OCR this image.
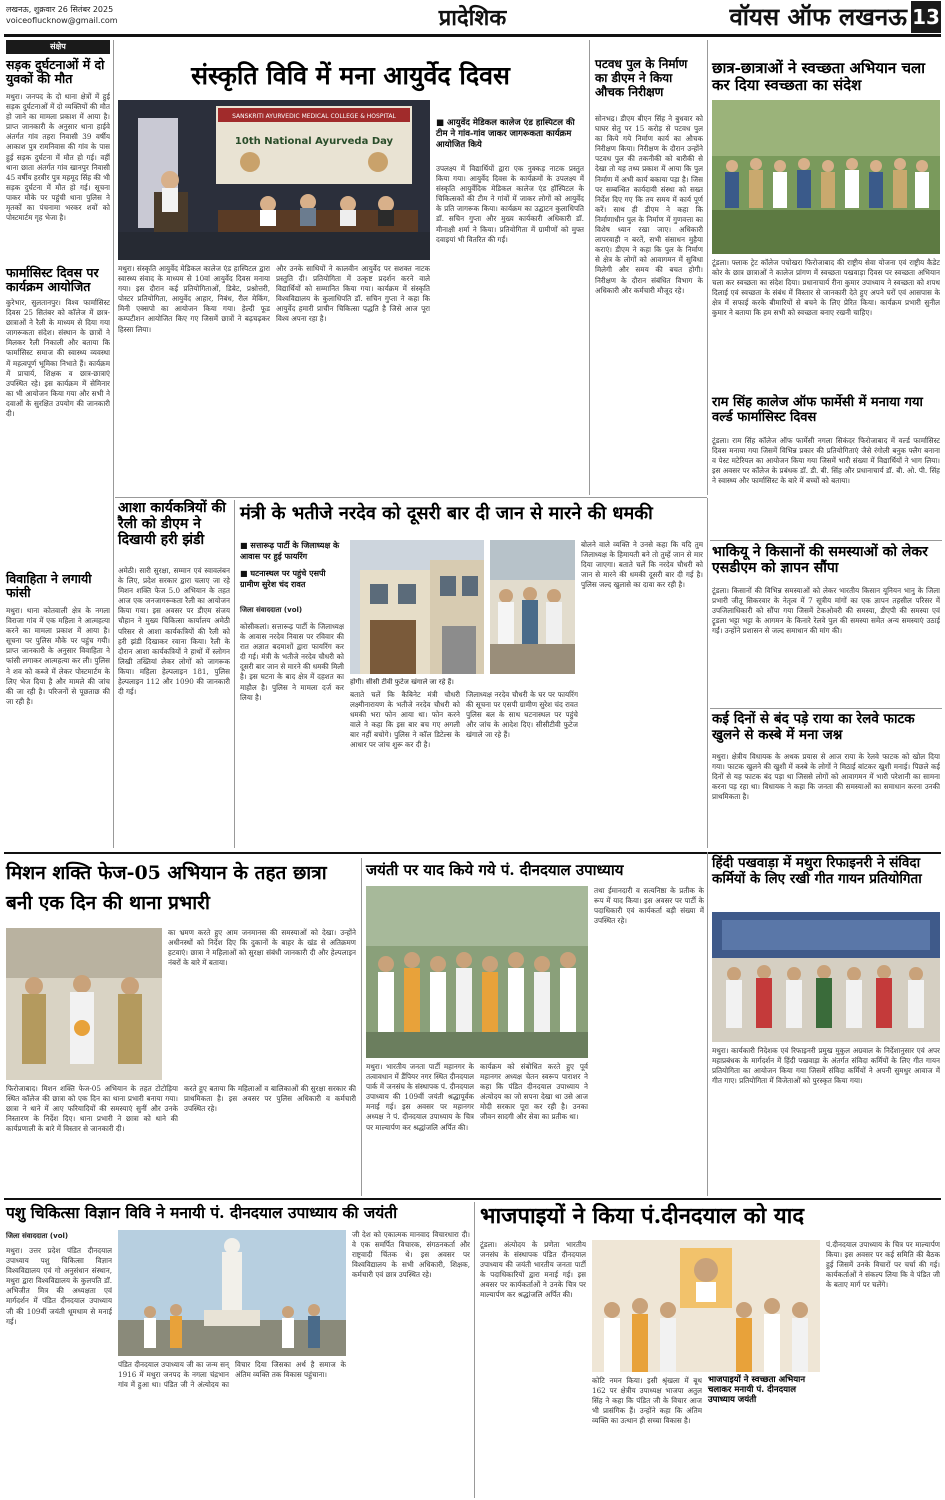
लखनऊ, शुक्रवार 26 सितंबर 2025
voiceoflucknow@gmail.com	प्रादेशिक	वॉयस ऑफ लखनऊ 13
संक्षेप
सड़क दुर्घटनाओं में दो युवकों की मौत
मथुरा। जनपद के दो थाना क्षेत्रों में हुई सड़क दुर्घटनाओं में दो व्यक्तियों की मौत हो जाने का मामला प्रकाश में आया है। प्राप्त जानकारी के अनुसार थाना हाईवे अंतर्गत गांव तहरा निवासी 39 वर्षीय आकाश पुत्र रामनिवास की गांव के पास हुई सड़क दुर्घटना में मौत हो गई। वहीं थाना छाता अंतर्गत गांव खानपुर निवासी 45 वर्षीय हरवीर पुत्र महमूद सिंह की भी सड़क दुर्घटना में मौत हो गई। सूचना पाकर मौके पर पहुंची थाना पुलिस ने मृतकों का पंचनामा भरकर शवों को पोस्टमार्टम गृह भेजा है।
फार्मासिस्ट दिवस पर कार्यक्रम आयोजित
कुरेभार, सुलतानपुर। विश्व फार्मासिस्ट दिवस 25 सितंबर को कॉलेज में छात्र-छात्राओं ने रैली के माध्यम से दिया गया जागरूकता संदेश। संस्थान के छात्रों ने मिलकर रैली निकाली और बताया कि फार्मासिस्ट समाज की स्वास्थ्य व्यवस्था में महत्वपूर्ण भूमिका निभाते हैं। कार्यक्रम में प्राचार्य, शिक्षक व छात्र-छात्राएं उपस्थित रहे। इस कार्यक्रम में सेमिनार का भी आयोजन किया गया और सभी ने दवाओं के सुरक्षित उपयोग की जानकारी दी।
विवाहिता ने लगायी फांसी
मथुरा। थाना कोतवाली क्षेत्र के नगला विराजा गांव में एक महिला ने आत्महत्या करने का मामला प्रकाश में आया है। सूचना पर पुलिस मौके पर पहुंच गयी। प्राप्त जानकारी के अनुसार विवाहिता ने फांसी लगाकर आत्महत्या कर ली। पुलिस ने शव को कब्जे में लेकर पोस्टमार्टम के लिए भेज दिया है और मामले की जांच की जा रही है। परिजनों से पूछताछ की जा रही है।
संस्कृति विवि में मना आयुर्वेद दिवस
SANSKRITI AYURVEDIC MEDICAL COLLEGE & HOSPITAL
10th National Ayurveda Day
■ आयुर्वेद मेडिकल कालेज एंड हास्पिटल की टीम ने गांव-गांव जाकर जागरूकता कार्यक्रम आयोजित किये
उपलक्ष्य में विद्यार्थियों द्वारा एक नुक्कड़ नाटक प्रस्तुत किया गया। आयुर्वेद दिवस के कार्यक्रमों के उपलक्ष्य में संस्कृति आयुर्वेदिक मेडिकल कालेज एंड हॉस्पिटल के चिकित्सकों की टीम ने गांवों में जाकर लोगों को आयुर्वेद के प्रति जागरूक किया। कार्यक्रम का उद्घाटन कुलाधिपति डॉ. सचिन गुप्ता और मुख्य कार्यकारी अधिकारी डॉ. मीनाक्षी शर्मा ने किया। प्रतियोगिता में ग्रामीणों को मुफ्त दवाइयां भी वितरित की गईं।
मथुरा। संस्कृति आयुर्वेद मेडिकल कालेज एंड हास्पिटल द्वारा स्वास्थ्य संवाद के माध्यम से 10वां आयुर्वेद दिवस मनाया गया। इस दौरान कई प्रतियोगिताओं, डिबेट, प्रश्नोत्तरी, पोस्टर प्रतियोगिता, आयुर्वेद आहार, निबंध, रील मेकिंग, मिनी एक्सपो का आयोजन किया गया। हेल्दी फूड कम्पटीशन आयोजित किए गए जिसमें छात्रों ने बढ़चढ़कर हिस्सा लिया।
और उनके साथियों ने कालवीन आयुर्वेद पर सशक्त नाटक प्रस्तुति दी। प्रतियोगिता में उत्कृष्ट प्रदर्शन करने वाले विद्यार्थियों को सम्मानित किया गया। कार्यक्रम में संस्कृति विश्वविद्यालय के कुलाधिपति डॉ. सचिन गुप्ता ने कहा कि आयुर्वेद हमारी प्राचीन चिकित्सा पद्धति है जिसे आज पूरा विश्व अपना रहा है।
पटवध पुल के निर्माण का डीएम ने किया औचक निरीक्षण
सोनभद्र। डीएम बीएन सिंह ने बुधवार को घाघर सेतु पर 15 करोड़ से पटवध पुल का किये गये निर्माण कार्य का औचक निरीक्षण किया। निरीक्षण के दौरान उन्होंने पटवध पुल की तकनीकी को बारीकी से देखा तो यह तथ्य प्रकाश में आया कि पुल निर्माण में अभी कार्य बकाया पड़ा है। जिस पर सम्बन्धित कार्यदायी संस्था को सख्त निर्देश दिए गए कि तय समय में कार्य पूर्ण करें। साथ ही डीएम ने कहा कि निर्माणाधीन पुल के निर्माण में गुणवत्ता का विशेष ध्यान रखा जाए। अधिकारी लापरवाही न बरतें, सभी संसाधन मुहैया कराएं। डीएम ने कहा कि पुल के निर्माण से क्षेत्र के लोगों को आवागमन में सुविधा मिलेगी और समय की बचत होगी। निरीक्षण के दौरान संबंधित विभाग के अधिकारी और कर्मचारी मौजूद रहे।
छात्र-छात्राओं ने स्वच्छता अभियान चला कर दिया स्वच्छता का संदेश
टूंडला। फ्लाक ट्रेट कॉलेज पचोखरा फिरोजाबाद की राष्ट्रीय सेवा योजना एवं राष्ट्रीय कैडेट कोर के छात्र छात्राओं ने कालेज प्रांगण में स्वच्छता पखवाड़ा दिवस पर स्वच्छता अभियान चला कर स्वच्छता का संदेश दिया। प्रधानाचार्य रीना कुमार उपाध्याय ने स्वच्छता को शपथ दिलाई एवं स्वच्छता के संबंध में विस्तार से जानकारी देते हुए अपने घरों एवं आसपास के क्षेत्र में सफाई करके बीमारियों से बचने के लिए प्रेरित किया। कार्यक्रम प्रभारी सुनील कुमार ने बताया कि हम सभी को स्वच्छता बनाए रखनी चाहिए।
राम सिंह कालेज ऑफ फार्मेसी में मनाया गया वर्ल्ड फार्मासिस्ट दिवस
टूंडला। राम सिंह कॉलेज ऑफ फार्मेसी नगला सिकंदर फिरोजाबाद में वर्ल्ड फार्मासिस्ट दिवस मनाया गया जिसमें विभिन्न प्रकार की प्रतियोगिताएं जैसे रंगोली बनुक फ्लैग बनाना व पेस्ट मटेरियल का आयोजन किया गया जिसमें भारी संख्या में विद्यार्थियों ने भाग लिया। इस अवसर पर कॉलेज के प्रबंधक डॉ. डी. बी. सिंह और प्रधानाचार्य डॉ. बी. ओ. पी. सिंह ने स्वास्थ्य और फार्मासिस्ट के बारे में बच्चों को बताया।
भाकियू ने किसानों की समस्याओं को लेकर एसडीएम को ज्ञापन सौंपा
टूंडला। किसानों की विभिन्न समस्याओं को लेकर भारतीय किसान यूनियन भानु के जिला प्रभारी जीतू सिकरवार के नेतृत्व में 7 सूत्रीय मांगों का एक ज्ञापन तहसील परिसर में उपजिलाधिकारी को सौंपा गया जिसमें टेकओवरी की समस्या, डीएपी की समस्या एवं ट्रूडला भट्टा भट्टा के आगमन के किनारे रेलवे पुल की समस्या समेत अन्य समस्याएं उठाई गईं। उन्होंने प्रशासन से जल्द समाधान की मांग की।
कई दिनों से बंद पड़े राया का रेलवे फाटक खुलने से कस्बे में मना जश्न
मथुरा। क्षेत्रीय विधायक के अथक प्रयास से आज राया के रेलवे फाटक को खोल दिया गया। फाटक खुलने की खुशी में कस्बे के लोगों ने मिठाई बांटकर खुशी मनाई। पिछले कई दिनों से यह फाटक बंद पड़ा था जिससे लोगों को आवागमन में भारी परेशानी का सामना करना पड़ रहा था। विधायक ने कहा कि जनता की समस्याओं का समाधान करना उनकी प्राथमिकता है।
आशा कार्यकत्रियों की रैली को डीएम ने दिखायी हरी झंडी
अमेठी। सारी सुरक्षा, सम्मान एवं स्वावलंबन के लिए, प्रदेश सरकार द्वारा चलाए जा रहे मिशन शक्ति फेज 5.0 अभियान के तहत आज एक जनजागरूकता रैली का आयोजन किया गया। इस अवसर पर डीएम संजय चौहान ने मुख्य चिकित्सा कार्यालय अमेठी परिसर से आशा कार्यकत्रियों की रैली को हरी झंडी दिखाकर रवाना किया। रैली के दौरान आशा कार्यकत्रियों ने हाथों में स्लोगन लिखी तख्तियां लेकर लोगों को जागरूक किया। महिला हेल्पलाइन 181, पुलिस हेल्पलाइन 112 और 1090 की जानकारी दी गई।
मंत्री के भतीजे नरदेव को दूसरी बार दी जान से मारने की धमकी
■ सत्तारूढ़ पार्टी के जिलाध्यक्ष के आवास पर हुई फायरिंग
■ घटनास्थल पर पहुंचे एसपी ग्रामीण सुरेश चंद रावत
जिला संवाददाता (vol)
बोलने वाले व्यक्ति ने उनसे कहा कि यदि तुम जिलाध्यक्ष के हिमायती बने तो तुम्हें जान से मार दिया जाएगा। बताते चलें कि नरदेव चौधरी को जान से मारने की धमकी दूसरी बार दी गई है। पुलिस जल्द खुलासे का दावा कर रही है।
कोसीकलां। सत्तारूढ़ पार्टी के जिलाध्यक्ष के आवास नरदेव निवास पर रविवार की रात अज्ञात बदमाशों द्वारा फायरिंग कर दी गई। मंत्री के भतीजे नरदेव चौधरी को दूसरी बार जान से मारने की धमकी मिली है। इस घटना के बाद क्षेत्र में दहशत का माहौल है। पुलिस ने मामला दर्ज कर लिया है।
होगी। सीसी टीवी फुटेज खंगाले जा रहे हैं।
बताते चलें कि कैबिनेट मंत्री चौधरी लक्ष्मीनारायण के भतीजे नरदेव चौधरी को धमकी भरा फोन आया था। फोन करने वाले ने कहा कि इस बार बच गए अगली बार नहीं बचोगे। पुलिस ने कॉल डिटेल्स के आधार पर जांच शुरू कर दी है।
जिलाध्यक्ष नरदेव चौधरी के घर पर फायरिंग की सूचना पर एसपी ग्रामीण सुरेश चंद रावत पुलिस बल के साथ घटनास्थल पर पहुंचे और जांच के आदेश दिए। सीसीटीवी फुटेज खंगाले जा रहे हैं।
मिशन शक्ति फेज-05 अभियान के तहत छात्रा बनी एक दिन की थाना प्रभारी
का भ्रमण करते हुए आम जनमानस की समस्याओं को देखा। उन्होंने अधीनस्थों को निर्देश दिए कि दुकानों के बाहर के खंड से अतिक्रमण हटवाएं। छात्रा ने महिलाओं को सुरक्षा संबंधी जानकारी दी और हेल्पलाइन नंबरों के बारे में बताया।
फिरोजाबाद। मिशन शक्ति फेज-05 अभियान के तहत टोटोड़िया स्थित कॉलेज की छात्रा को एक दिन का थाना प्रभारी बनाया गया। छात्रा ने थाने में आए फरियादियों की समस्याएं सुनीं और उनके निस्तारण के निर्देश दिए। थाना प्रभारी ने छात्रा को थाने की कार्यप्रणाली के बारे में विस्तार से जानकारी दी।
करते हुए बताया कि महिलाओं व बालिकाओं की सुरक्षा सरकार की प्राथमिकता है। इस अवसर पर पुलिस अधिकारी व कर्मचारी उपस्थित रहे।
जयंती पर याद किये गये पं. दीनदयाल उपाध्याय
तथा ईमानदारी व सत्यनिष्ठा के प्रतीक के रूप में याद किया। इस अवसर पर पार्टी के पदाधिकारी एवं कार्यकर्ता बड़ी संख्या में उपस्थित रहे।
मथुरा। भारतीय जनता पार्टी महानगर के तत्वावधान में डैंपियर नगर स्थित दीनदयाल पार्क में जनसंघ के संस्थापक पं. दीनदयाल उपाध्याय की 109वीं जयंती श्रद्धापूर्वक मनाई गई। इस अवसर पर महानगर अध्यक्ष ने पं. दीनदयाल उपाध्याय के चित्र पर माल्यार्पण कर श्रद्धांजलि अर्पित की।
कार्यक्रम को संबोधित करते हुए पूर्व महानगर अध्यक्ष चेतन स्वरूप पाराशर ने कहा कि पंडित दीनदयाल उपाध्याय ने अंत्योदय का जो सपना देखा था उसे आज मोदी सरकार पूरा कर रही है। उनका जीवन सादगी और सेवा का प्रतीक था।
हिंदी पखवाड़ा में मथुरा रिफाइनरी ने संविदा कर्मियों के लिए रखी गीत गायन प्रतियोगिता
मथुरा। कार्यकारी निदेशक एवं रिफाइनरी प्रमुख मुकुल अग्रवाल के निर्देशानुसार एवं अपर महाप्रबंधक के मार्गदर्शन में हिंदी पखवाड़ा के अंतर्गत संविदा कर्मियों के लिए गीत गायन प्रतियोगिता का आयोजन किया गया जिसमें संविदा कर्मियों ने अपनी सुमधुर आवाज में गीत गाए। प्रतियोगिता में विजेताओं को पुरस्कृत किया गया।
पशु चिकित्सा विज्ञान विवि ने मनायी पं. दीनदयाल उपाध्याय की जयंती
जिला संवाददाता (vol)
मथुरा। उत्तर प्रदेश पंडित दीनदयाल उपाध्याय पशु चिकित्सा विज्ञान विश्वविद्यालय एवं गो अनुसंधान संस्थान, मथुरा द्वारा विश्वविद्यालय के कुलपति डॉ. अभिजीत मित्र की अध्यक्षता एवं मार्गदर्शन में पंडित दीनदयाल उपाध्याय जी की 109वीं जयंती धूमधाम से मनाई गई।
जी देश को एकात्मक मानवाद विचारधारा दी। वे एक समर्पित विचारक, संगठनकर्ता और राष्ट्रवादी चिंतक थे। इस अवसर पर विश्वविद्यालय के सभी अधिकारी, शिक्षक, कर्मचारी एवं छात्र उपस्थित रहे।
पंडित दीनदयाल उपाध्याय जी का जन्म सन् 1916 में मथुरा जनपद के नगला चंद्रभान गांव में हुआ था। पंडित जी ने अंत्योदय का विचार दिया जिसका अर्थ है समाज के अंतिम व्यक्ति तक विकास पहुंचाना।
भाजपाइयों ने किया पं.दीनदयाल को याद
टूंडला। अंत्योदय के प्रणेता भारतीय जनसंघ के संस्थापक पंडित दीनदयाल उपाध्याय की जयंती भारतीय जनता पार्टी के पदाधिकारियों द्वारा मनाई गई। इस अवसर पर कार्यकर्ताओं ने उनके चित्र पर माल्यार्पण कर श्रद्धांजलि अर्पित की।
कोटि नमन किया। इसी श्रृंखला में बूथ 162 पर क्षेत्रीय उपाध्यक्ष भाजपा अतुल सिंह ने कहा कि पंडित जी के विचार आज भी प्रासंगिक हैं। उन्होंने कहा कि अंतिम व्यक्ति का उत्थान ही सच्चा विकास है।
भाजपाइयों ने स्वच्छता अभियान चलाकर मनायी पं. दीनदयाल उपाध्याय जयंती
पं.दीनदयाल उपाध्याय के चित्र पर माल्यार्पण किया। इस अवसर पर कई समिति की बैठक हुई जिसमें उनके विचारों पर चर्चा की गई। कार्यकर्ताओं ने संकल्प लिया कि वे पंडित जी के बताए मार्ग पर चलेंगे।
